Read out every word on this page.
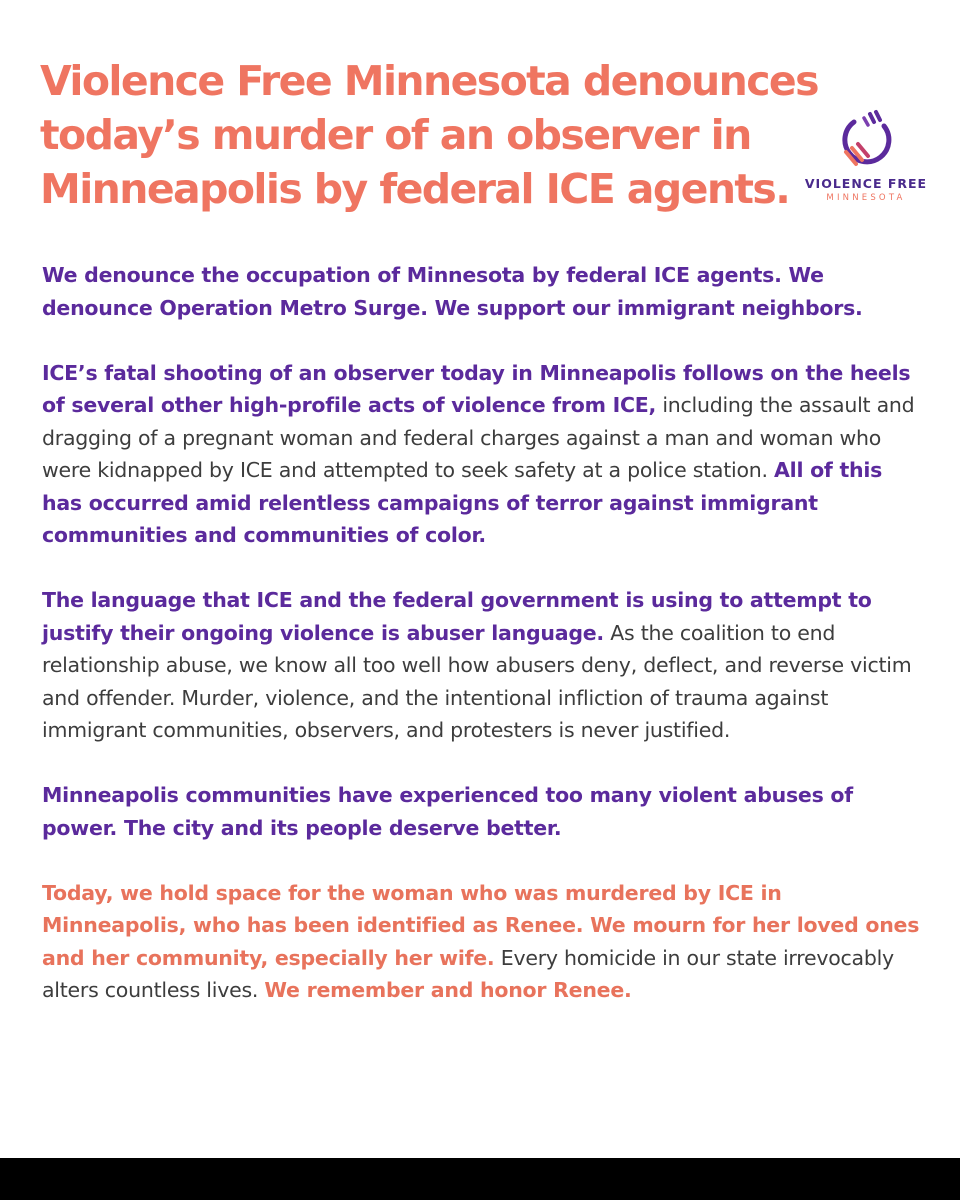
Violence Free Minnesota denounces today’s murder of an observer in Minneapolis by federal ICE agents.	VIOLENCE FREE
MINNESOTA

We denounce the occupation of Minnesota by federal ICE agents. We denounce Operation Metro Surge. We support our immigrant neighbors.

ICE’s fatal shooting of an observer today in Minneapolis follows on the heels of several other high-profile acts of violence from ICE, including the assault and dragging of a pregnant woman and federal charges against a man and woman who were kidnapped by ICE and attempted to seek safety at a police station. All of this has occurred amid relentless campaigns of terror against immigrant communities and communities of color.

The language that ICE and the federal government is using to attempt to justify their ongoing violence is abuser language. As the coalition to end relationship abuse, we know all too well how abusers deny, deflect, and reverse victim and offender. Murder, violence, and the intentional infliction of trauma against immigrant communities, observers, and protesters is never justified.

Minneapolis communities have experienced too many violent abuses of power. The city and its people deserve better.

Today, we hold space for the woman who was murdered by ICE in Minneapolis, who has been identified as Renee. We mourn for her loved ones and her community, especially her wife. Every homicide in our state irrevocably alters countless lives. We remember and honor Renee.
